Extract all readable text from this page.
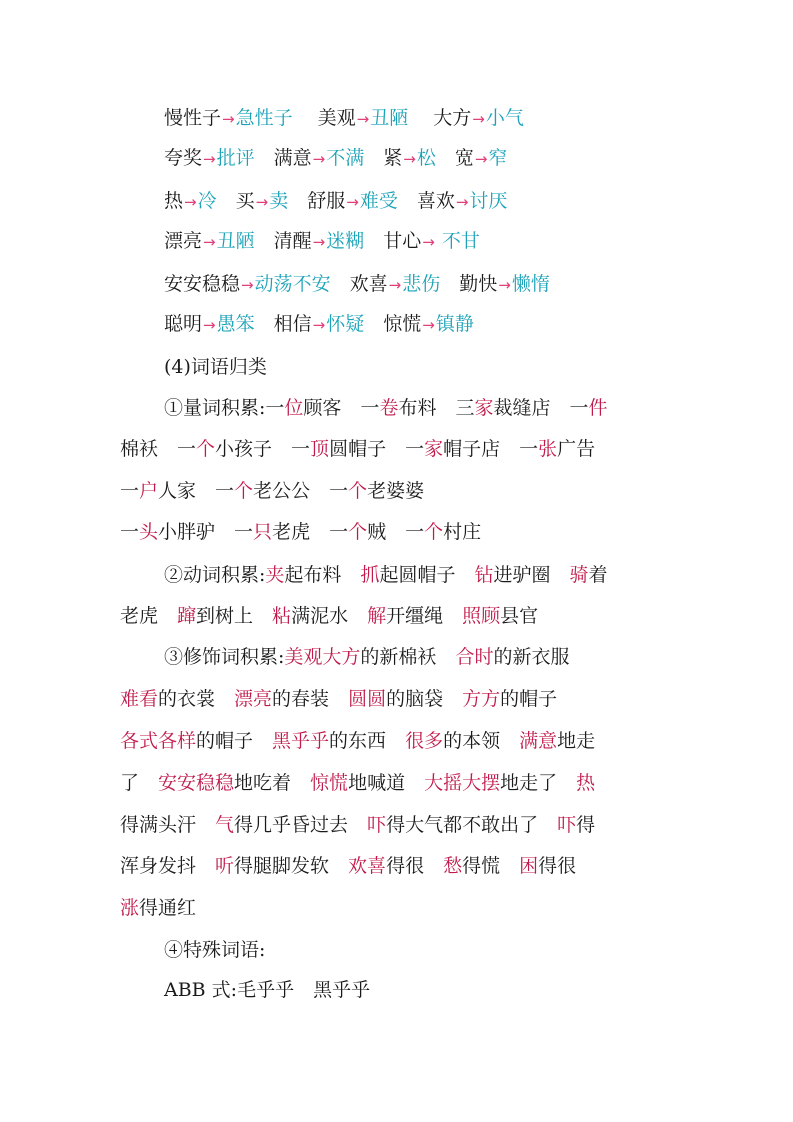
慢性子→急性子　 美观→丑陋　 大方→小气
夸奖→批评　满意→不满　紧→松　宽→窄
热→冷　买→卖　舒服→难受　喜欢→讨厌
漂亮→丑陋　清醒→迷糊　甘心→ 不甘
安安稳稳→动荡不安　欢喜→悲伤　勤快→懒惰
聪明→愚笨　相信→怀疑　惊慌→镇静
(4)词语归类
①量词积累:一位顾客　一卷布料　三家裁缝店　一件
棉袄　一个小孩子　一顶圆帽子　一家帽子店　一张广告
一户人家　一个老公公　一个老婆婆
一头小胖驴　一只老虎　一个贼　一个村庄
②动词积累:夹起布料　抓起圆帽子　钻进驴圈　骑着
老虎　蹿到树上　粘满泥水　解开缰绳　照顾县官
③修饰词积累:美观大方的新棉袄　合时的新衣服
难看的衣裳　漂亮的春装　圆圆的脑袋　方方的帽子
各式各样的帽子　黑乎乎的东西　很多的本领　满意地走
了　安安稳稳地吃着　惊慌地喊道　大摇大摆地走了　热
得满头汗　气得几乎昏过去　吓得大气都不敢出了　吓得
浑身发抖　听得腿脚发软　欢喜得很　愁得慌　困得很
涨得通红
④特殊词语:
ABB 式:毛乎乎　黑乎乎
